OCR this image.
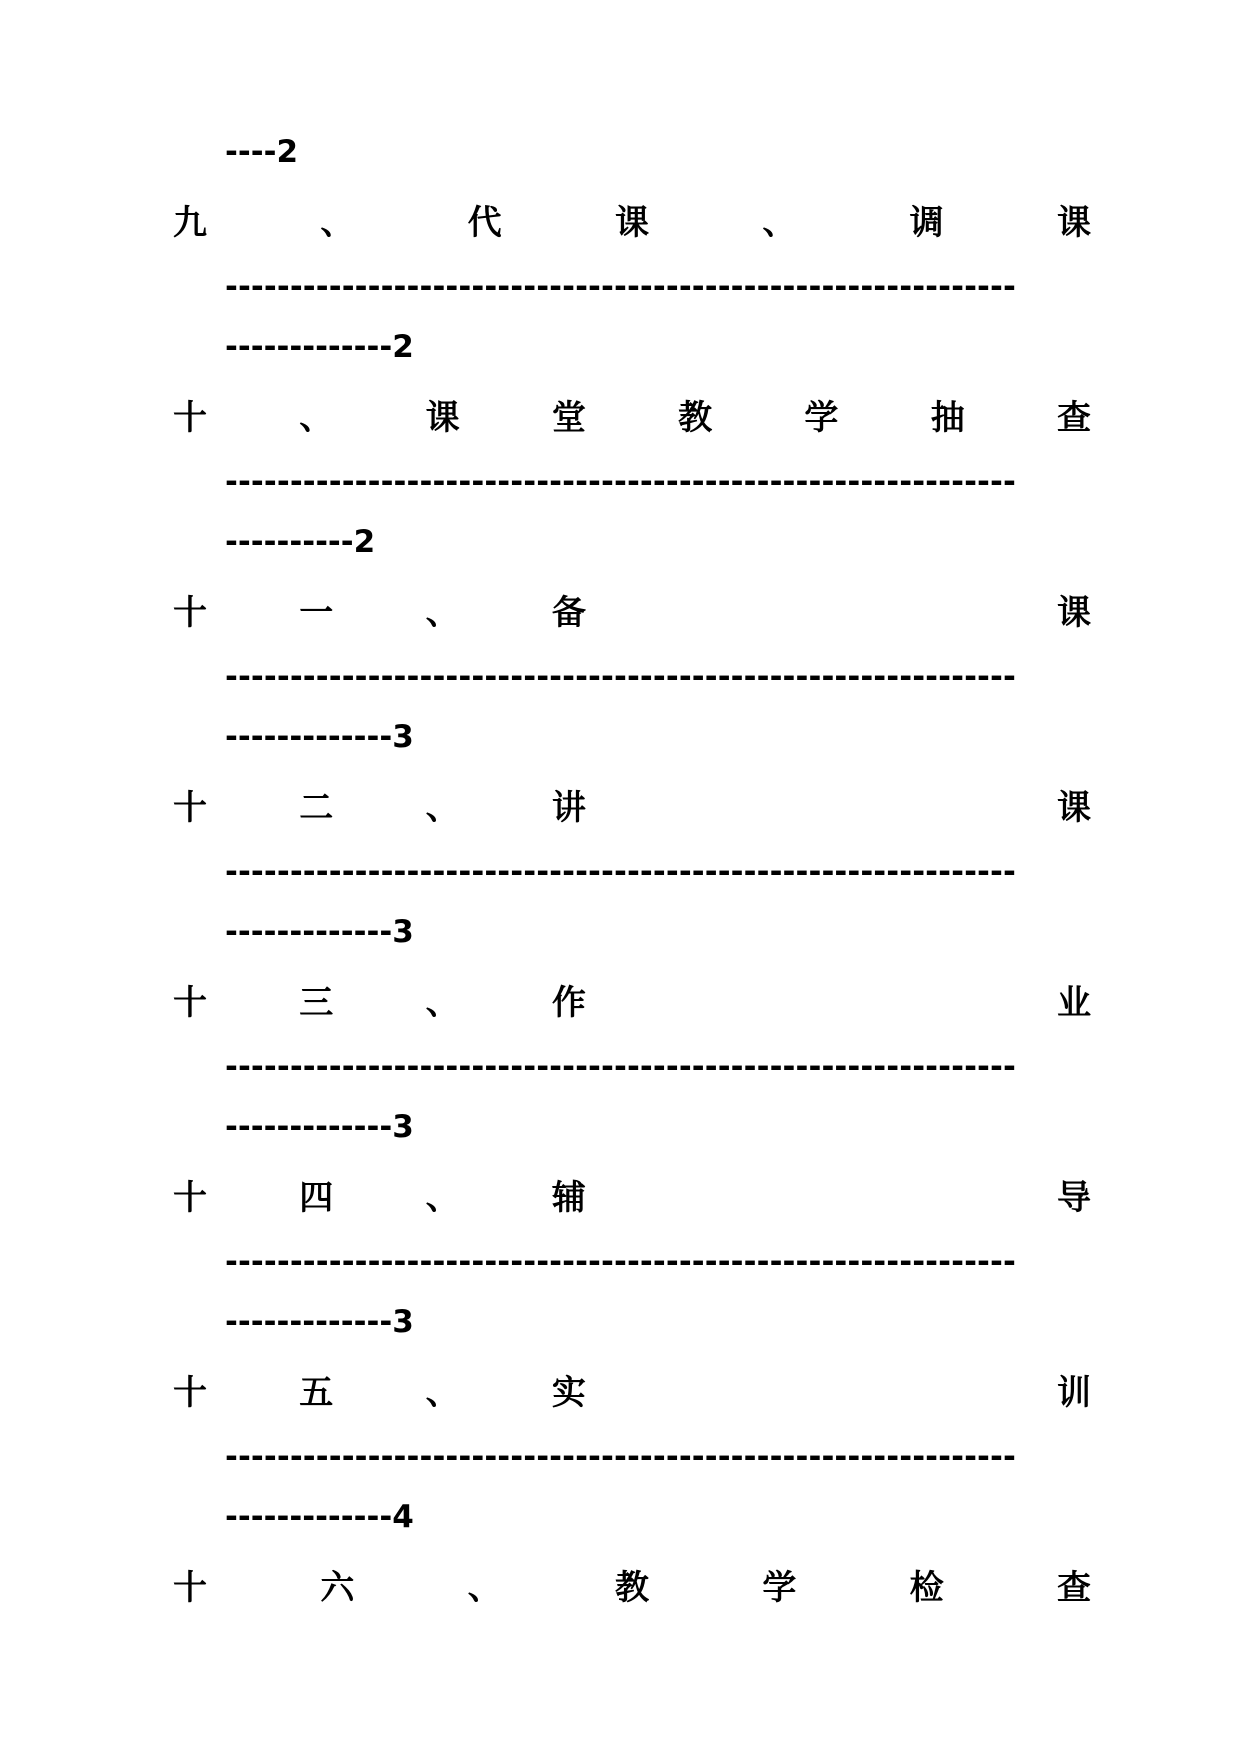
----2
九	、	代	课	、	调	课
-------------------------------------------------------------
-------------2
十	、	课	堂	教	学	抽	查
-------------------------------------------------------------
----------2
十	一	、	备	课
-------------------------------------------------------------
-------------3
十	二	、	讲	课
-------------------------------------------------------------
-------------3
十	三	、	作	业
-------------------------------------------------------------
-------------3
十	四	、	辅	导
-------------------------------------------------------------
-------------3
十	五	、	实	训
-------------------------------------------------------------
-------------4
十	六	、	教	学	检	查
